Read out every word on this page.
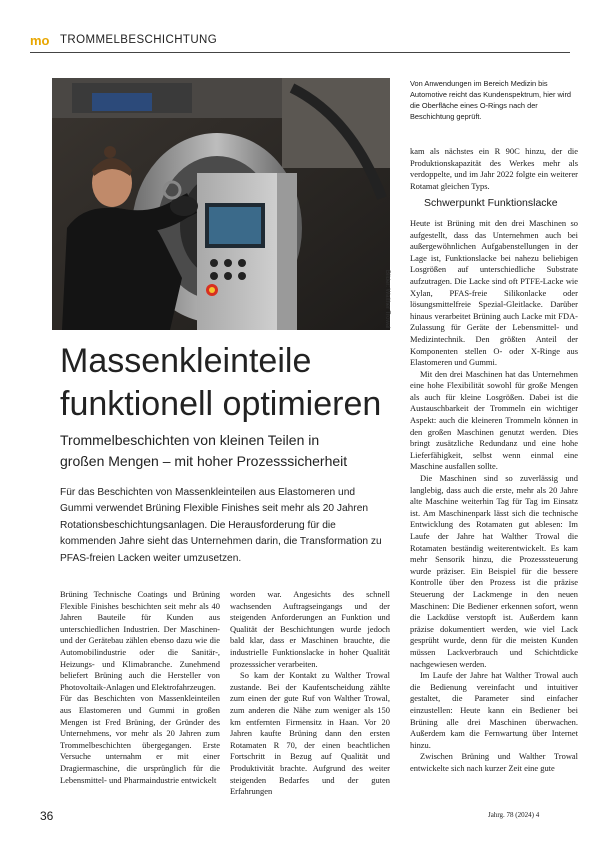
mo TROMMELBESCHICHTUNG
Bilder: Walther Trowal
Von Anwendungen im Bereich Medizin bis Automotive reicht das Kundenspektrum, hier wird die Oberfläche eines O-Rings nach der Beschichtung geprüft.

kam als nächstes ein R 90C hinzu, der die Produktionskapazität des Werkes mehr als verdoppelte, und im Jahr 2022 folgte ein weiterer Rotamat gleichen Typs.

Schwerpunkt Funktionslacke

Heute ist Brüning mit den drei Maschinen so aufgestellt, dass das Unternehmen auch bei außergewöhnlichen Aufgabenstellungen in der Lage ist, Funktionslacke bei nahezu beliebigen Losgrößen auf unterschiedliche Substrate aufzutragen. Die Lacke sind oft PTFE-Lacke wie Xylan, PFAS-freie Silikonlacke oder lösungsmittelfreie Spezial-Gleitlacke. Darüber hinaus verarbeitet Brüning auch Lacke mit FDA-Zulassung für Geräte der Lebensmittel- und Medizintechnik. Den größten Anteil der Komponenten stellen O- oder X-Ringe aus Elastomeren und Gummi.

Mit den drei Maschinen hat das Unternehmen eine hohe Flexibilität sowohl für große Mengen als auch für kleine Losgrößen. Dabei ist die Austauschbarkeit der Trommeln ein wichtiger Aspekt: auch die kleineren Trommeln können in den großen Maschinen genutzt werden. Dies bringt zusätzliche Redundanz und eine hohe Lieferfähigkeit, selbst wenn einmal eine Maschine ausfallen sollte.

Die Maschinen sind so zuverlässig und langlebig, dass auch die erste, mehr als 20 Jahre alte Maschine weiterhin Tag für Tag im Einsatz ist. Am Maschinenpark lässt sich die technische Entwicklung des Rotamaten gut ablesen: Im Laufe der Jahre hat Walther Trowal die Rotamaten beständig weiterentwickelt. Es kam mehr Sensorik hinzu, die Prozesssteuerung wurde präziser. Ein Beispiel für die bessere Kontrolle über den Prozess ist die präzise Steuerung der Lackmenge in den neuen Maschinen: Die Bediener erkennen sofort, wenn die Lackdüse verstopft ist. Außerdem kann präzise dokumentiert werden, wie viel Lack gesprüht wurde, denn für die meisten Kunden müssen Lackverbrauch und Schichtdicke nachgewiesen werden.

Im Laufe der Jahre hat Walther Trowal auch die Bedienung vereinfacht und intuitiver gestaltet, die Parameter sind einfacher einzustellen: Heute kann ein Bediener bei Brüning alle drei Maschinen überwachen. Außerdem kam die Fernwartung über Internet hinzu.

Zwischen Brüning und Walther Trowal entwickelte sich nach kurzer Zeit eine gute

Massenkleinteile
funktionell optimieren
Trommelbeschichten von kleinen Teilen in
großen Mengen – mit hoher Prozesssicherheit
Für das Beschichten von Massenkleinteilen aus Elastomeren und Gummi verwendet Brüning Flexible Finishes seit mehr als 20 Jahren Rotationsbeschichtungsanlagen. Die Herausforderung für die kommenden Jahre sieht das Unternehmen darin, die Transformation zu PFAS-freien Lacken weiter umzusetzen.

Brüning Technische Coatings und Brüning Flexible Finishes beschichten seit mehr als 40 Jahren Bauteile für Kunden aus unterschiedlichen Industrien. Der Maschinen- und der Gerätebau zählen ebenso dazu wie die Automobilindustrie oder die Sanitär-, Heizungs- und Klimabranche. Zunehmend beliefert Brüning auch die Hersteller von Photovoltaik-Anlagen und Elektrofahrzeugen.

Für das Beschichten von Massenkleinteilen aus Elastomeren und Gummi in großen Mengen ist Fred Brüning, der Gründer des Unternehmens, vor mehr als 20 Jahren zum Trommelbeschichten übergegangen. Erste Versuche unternahm er mit einer Dragiermaschine, die ursprünglich für die Lebensmittel- und Pharmaindustrie entwickelt

worden war. Angesichts des schnell wachsenden Auftragseingangs und der steigenden Anforderungen an Funktion und Qualität der Beschichtungen wurde jedoch bald klar, dass er Maschinen brauchte, die industrielle Funktionslacke in hoher Qualität prozesssicher verarbeiten.

So kam der Kontakt zu Walther Trowal zustande. Bei der Kaufentscheidung zählte zum einen der gute Ruf von Walther Trowal, zum anderen die Nähe zum weniger als 150 km entfernten Firmensitz in Haan. Vor 20 Jahren kaufte Brüning dann den ersten Rotamaten R 70, der einen beachtlichen Fortschritt in Bezug auf Qualität und Produktivität brachte. Aufgrund des weiter steigenden Bedarfes und der guten Erfahrungen

36	Jahrg. 78 (2024) 4
